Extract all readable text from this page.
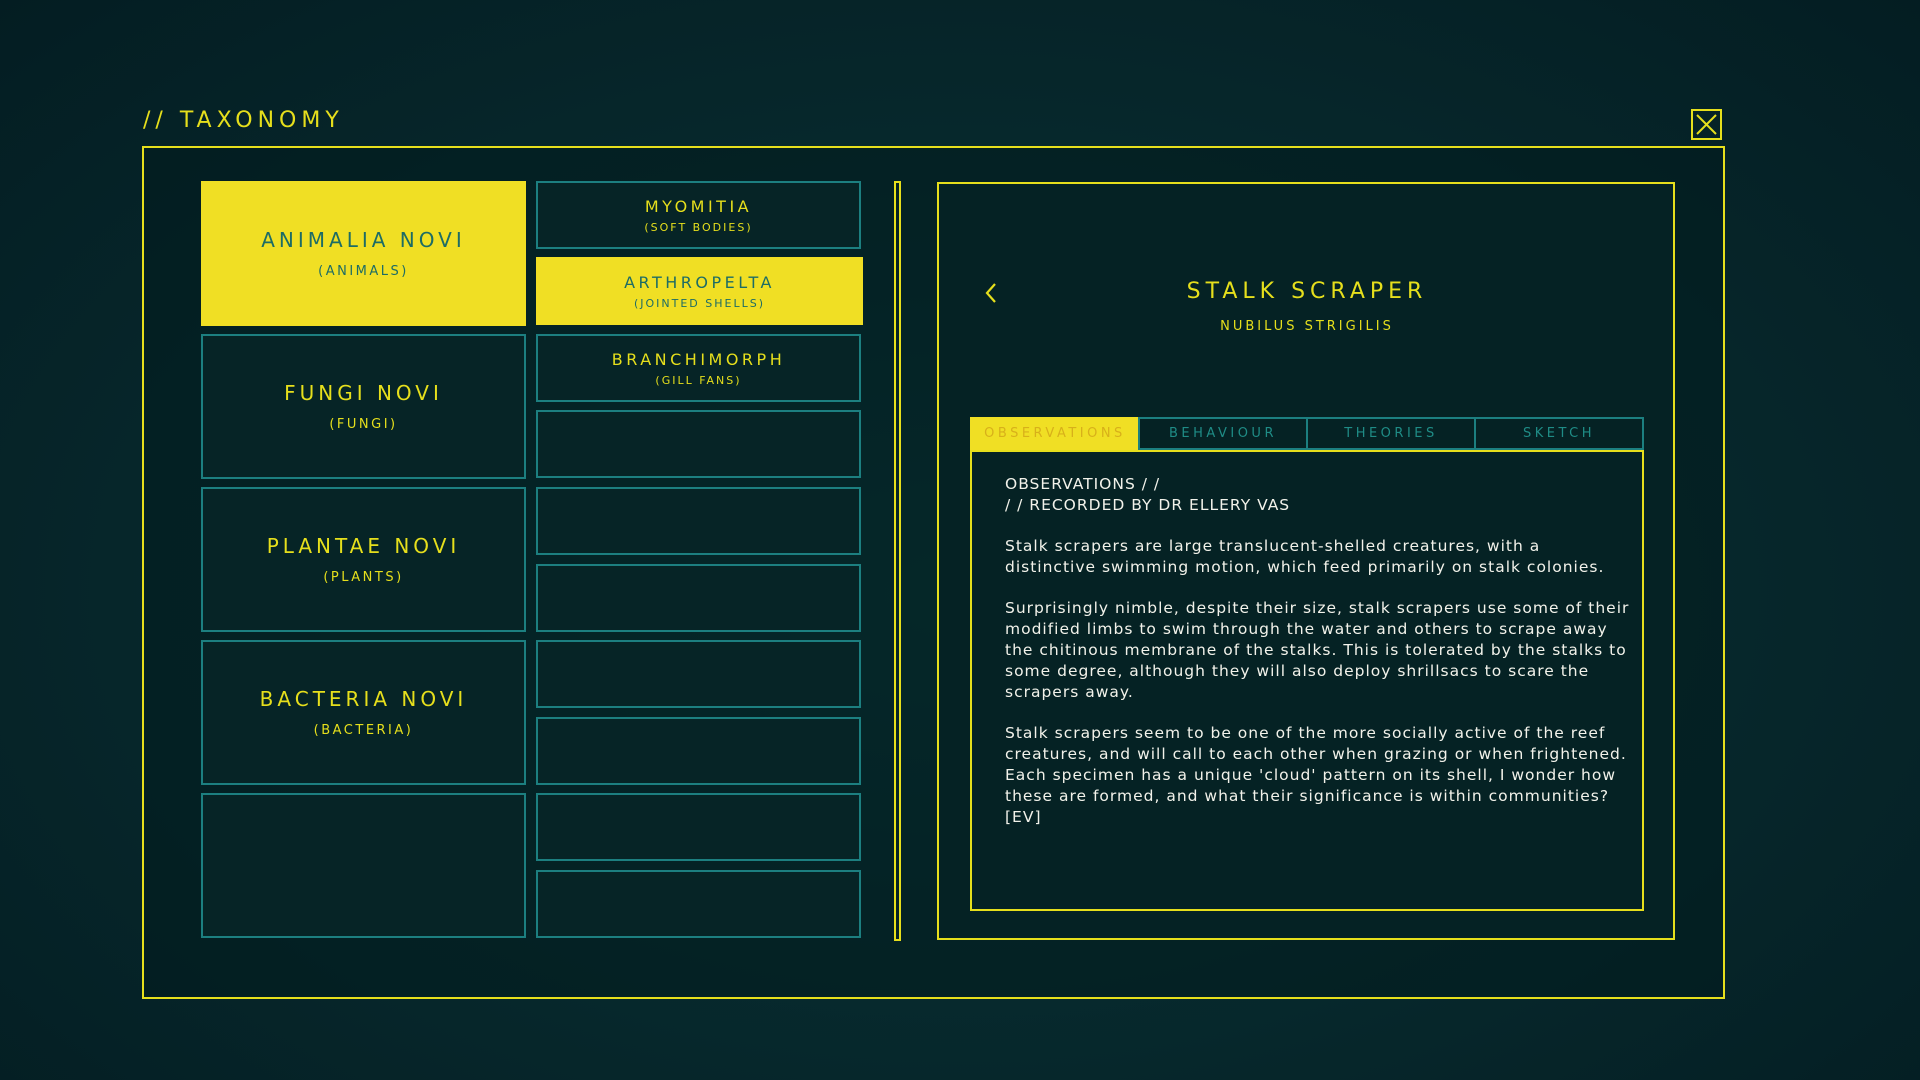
// TAXONOMY
ANIMALIA NOVI
(ANIMALS)
FUNGI NOVI
(FUNGI)
PLANTAE NOVI
(PLANTS)
BACTERIA NOVI
(BACTERIA)
MYOMITIA
(SOFT BODIES)
ARTHROPELTA
(JOINTED SHELLS)
BRANCHIMORPH
(GILL FANS)
STALK SCRAPER
NUBILUS STRIGILIS
OBSERVATIONS	BEHAVIOUR	THEORIES	SKETCH

OBSERVATIONS / /

/ / RECORDED BY DR ELLERY VAS

Stalk scrapers are large translucent-shelled creatures, with a distinctive swimming motion, which feed primarily on stalk colonies.

Surprisingly nimble, despite their size, stalk scrapers use some of their modified limbs to swim through the water and others to scrape away the chitinous membrane of the stalks. This is tolerated by the stalks to some degree, although they will also deploy shrillsacs to scare the scrapers away.

Stalk scrapers seem to be one of the more socially active of the reef creatures, and will call to each other when grazing or when frightened. Each specimen has a unique 'cloud' pattern on its shell, I wonder how these are formed, and what their significance is within communities? [EV]
